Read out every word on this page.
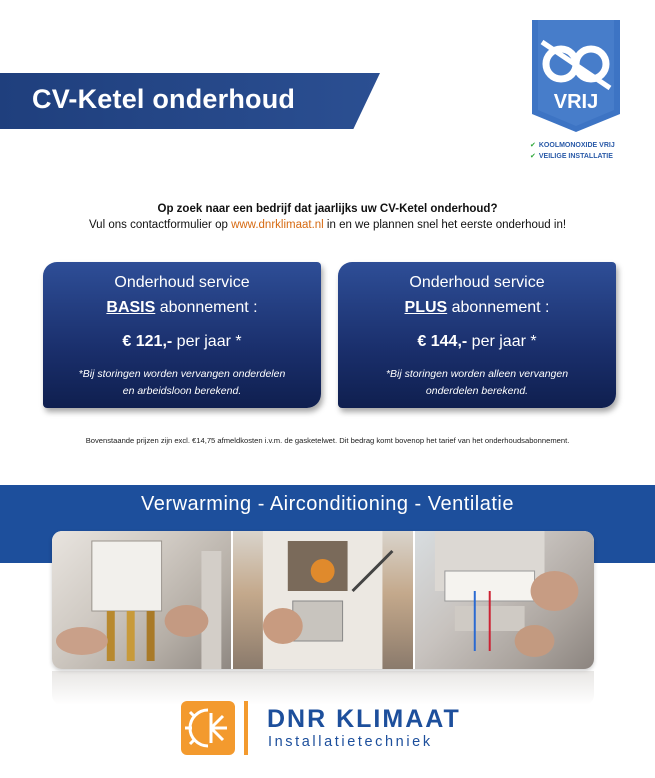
CV-Ketel onderhoud	VRIJ
✔ KOOLMONOXIDE VRIJ
✔ VEILIGE INSTALLATIE
Op zoek naar een bedrijf dat jaarlijks uw CV-Ketel onderhoud?
Vul ons contactformulier op www.dnrklimaat.nl in en we plannen snel het eerste onderhoud in!
Onderhoud service
BASIS abonnement :
€ 121,- per jaar *
*Bij storingen worden vervangen onderdelen
en arbeidsloon berekend.
Onderhoud service
PLUS abonnement :
€ 144,- per jaar *
*Bij storingen worden alleen vervangen
onderdelen berekend.
Bovenstaande prijzen zijn excl. €14,75 afmeldkosten i.v.m. de gasketelwet. Dit bedrag komt bovenop het tarief van het onderhoudsabonnement.
Verwarming - Airconditioning - Ventilatie
DNR KLIMAAT
Installatietechniek
